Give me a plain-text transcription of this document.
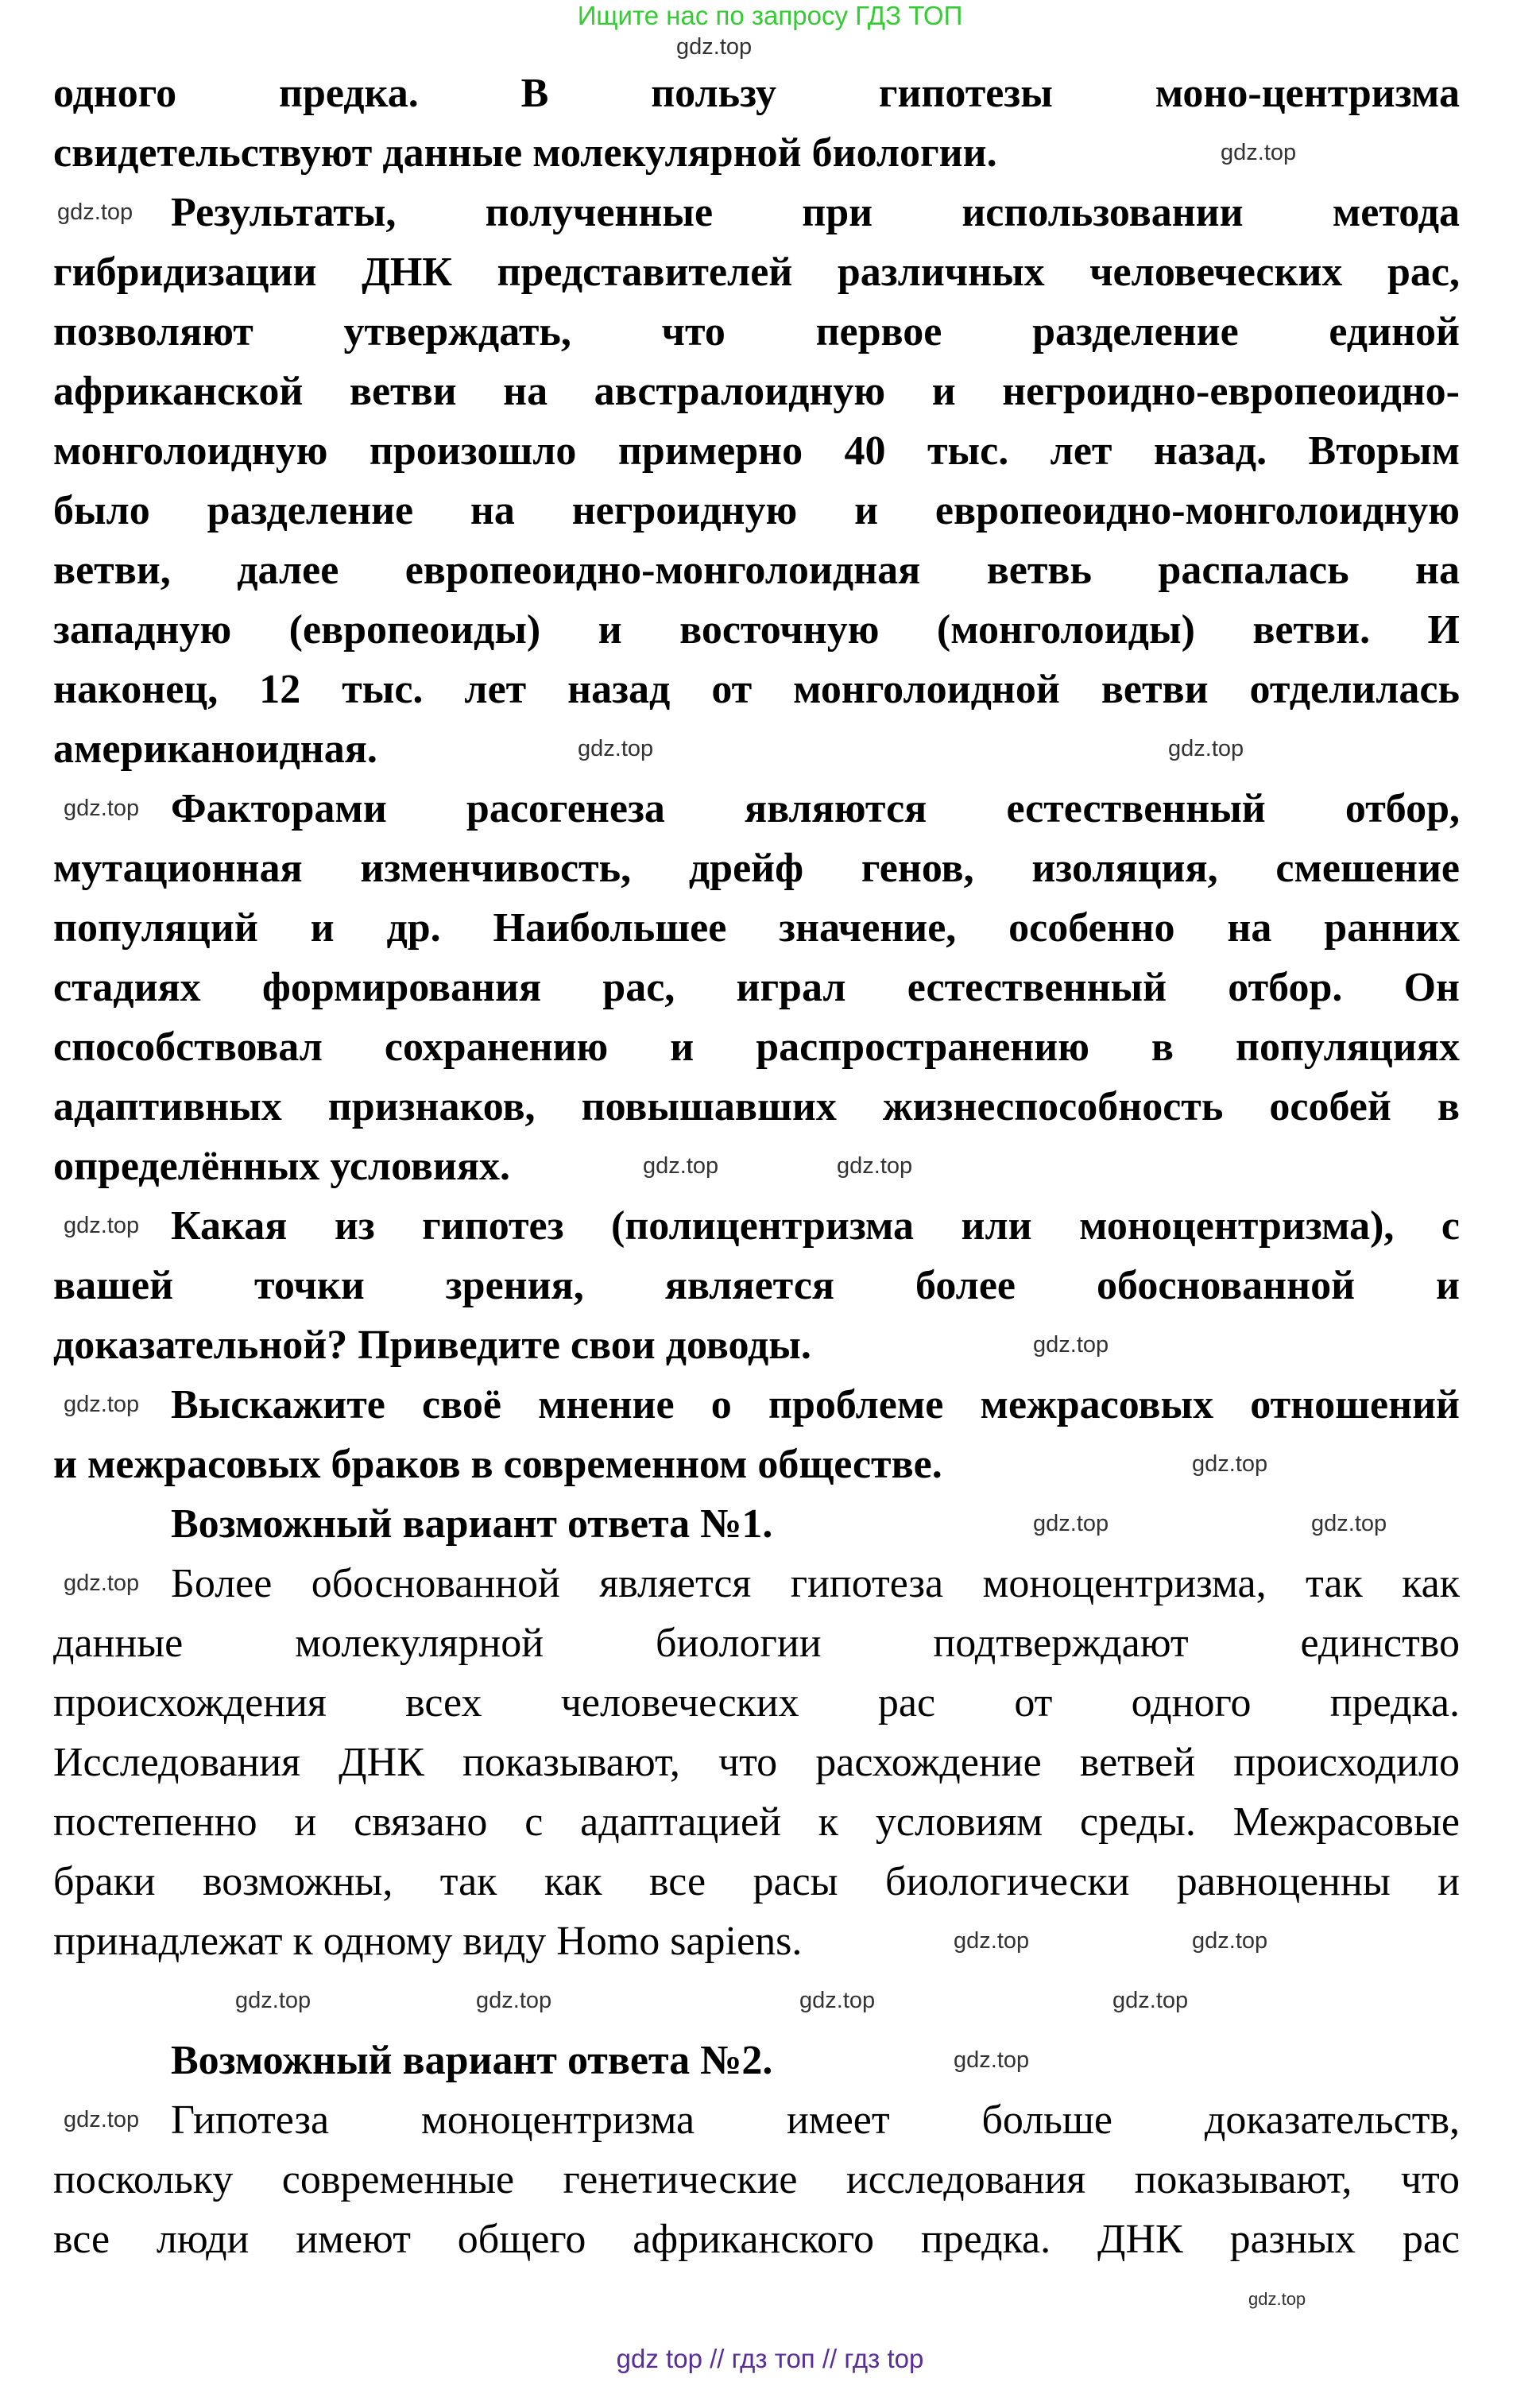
Ищите нас по запросу ГДЗ ТОП
одного предка. В пользу гипотезы моно-центризма
свидетельствуют данные молекулярной биологии.
Результаты, полученные при использовании метода
гибридизации ДНК представителей различных человеческих рас,
позволяют утверждать, что первое разделение единой
африканской ветви на австралоидную и негроидно-европеоидно-
монголоидную произошло примерно 40 тыс. лет назад. Вторым
было разделение на негроидную и европеоидно-монголоидную
ветви, далее европеоидно-монголоидная ветвь распалась на
западную (европеоиды) и восточную (монголоиды) ветви. И
наконец, 12 тыс. лет назад от монголоидной ветви отделилась
американоидная.
Факторами расогенеза являются естественный отбор,
мутационная изменчивость, дрейф генов, изоляция, смешение
популяций и др. Наибольшее значение, особенно на ранних
стадиях формирования рас, играл естественный отбор. Он
способствовал сохранению и распространению в популяциях
адаптивных признаков, повышавших жизнеспособность особей в
определённых условиях.
Какая из гипотез (полицентризма или моноцентризма), с
вашей точки зрения, является более обоснованной и
доказательной? Приведите свои доводы.
Выскажите своё мнение о проблеме межрасовых отношений
и межрасовых браков в современном обществе.
Возможный вариант ответа №1.
Более обоснованной является гипотеза моноцентризма, так как
данные молекулярной биологии подтверждают единство
происхождения всех человеческих рас от одного предка.
Исследования ДНК показывают, что расхождение ветвей происходило
постепенно и связано с адаптацией к условиям среды. Межрасовые
браки возможны, так как все расы биологически равноценны и
принадлежат к одному виду Homo sapiens.
Возможный вариант ответа №2.
Гипотеза моноцентризма имеет больше доказательств,
поскольку современные генетические исследования показывают, что
все люди имеют общего африканского предка. ДНК разных рас
gdz.top
gdz.top
gdz.top
gdz.top	gdz.top
gdz.top
gdz.top	gdz.top
gdz.top
gdz.top
gdz.top
gdz.top
gdz.top	gdz.top
gdz.top
gdz.top	gdz.top
gdz.top	gdz.top	gdz.top	gdz.top
gdz.top
gdz.top
gdz.top
gdz top // гдз топ // гдз top
